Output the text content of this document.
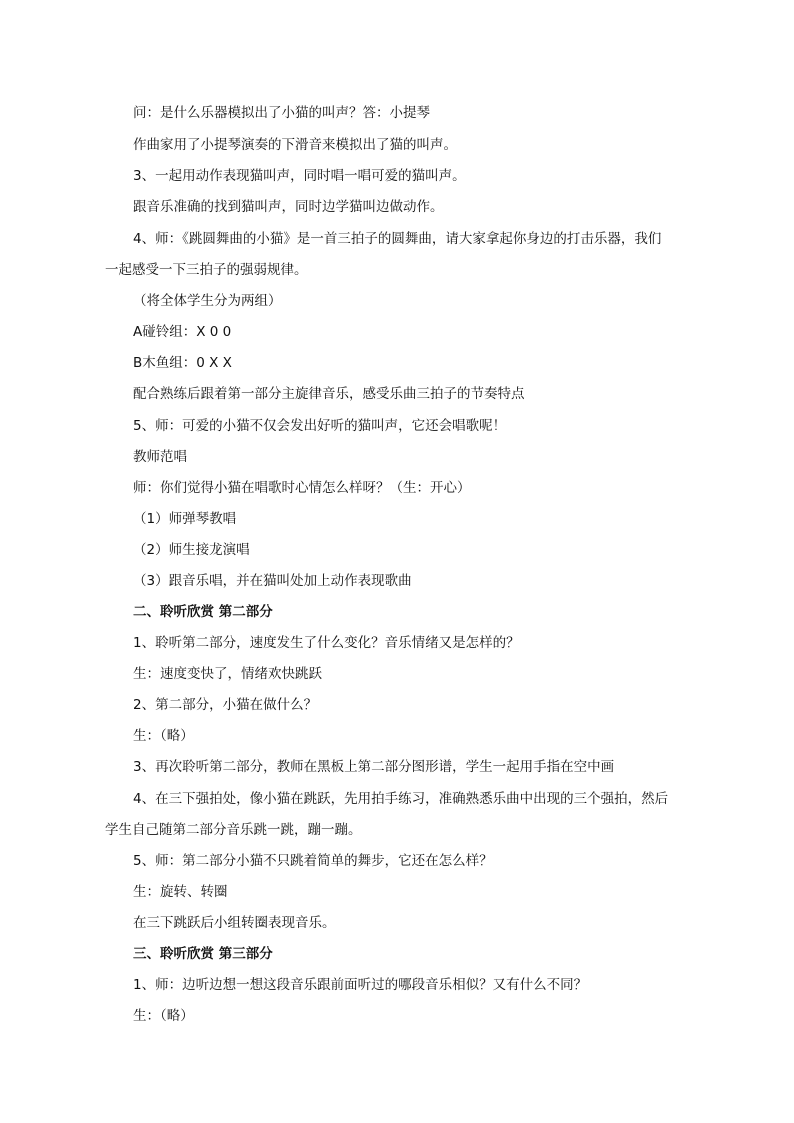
问：是什么乐器模拟出了小猫的叫声？答：小提琴
作曲家用了小提琴演奏的下滑音来模拟出了猫的叫声。
3、一起用动作表现猫叫声，同时唱一唱可爱的猫叫声。
跟音乐准确的找到猫叫声，同时边学猫叫边做动作。
4、师：《跳圆舞曲的小猫》是一首三拍子的圆舞曲，请大家拿起你身边的打击乐器，我们
一起感受一下三拍子的强弱规律。
（将全体学生分为两组）
A碰铃组：X 0 0
B木鱼组：0 X X
配合熟练后跟着第一部分主旋律音乐，感受乐曲三拍子的节奏特点
5、师：可爱的小猫不仅会发出好听的猫叫声，它还会唱歌呢！
教师范唱
师：你们觉得小猫在唱歌时心情怎么样呀？（生：开心）
（1）师弹琴教唱
（2）师生接龙演唱
（3）跟音乐唱，并在猫叫处加上动作表现歌曲
二、聆听欣赏 第二部分
1、聆听第二部分，速度发生了什么变化？音乐情绪又是怎样的？
生：速度变快了，情绪欢快跳跃
2、第二部分，小猫在做什么？
生：（略）
3、再次聆听第二部分，教师在黑板上第二部分图形谱，学生一起用手指在空中画
4、在三下强拍处，像小猫在跳跃，先用拍手练习，准确熟悉乐曲中出现的三个强拍，然后
学生自己随第二部分音乐跳一跳，蹦一蹦。
5、师：第二部分小猫不只跳着简单的舞步，它还在怎么样？
生：旋转、转圈
在三下跳跃后小组转圈表现音乐。
三、聆听欣赏 第三部分
1、师：边听边想一想这段音乐跟前面听过的哪段音乐相似？又有什么不同？
生：（略）
